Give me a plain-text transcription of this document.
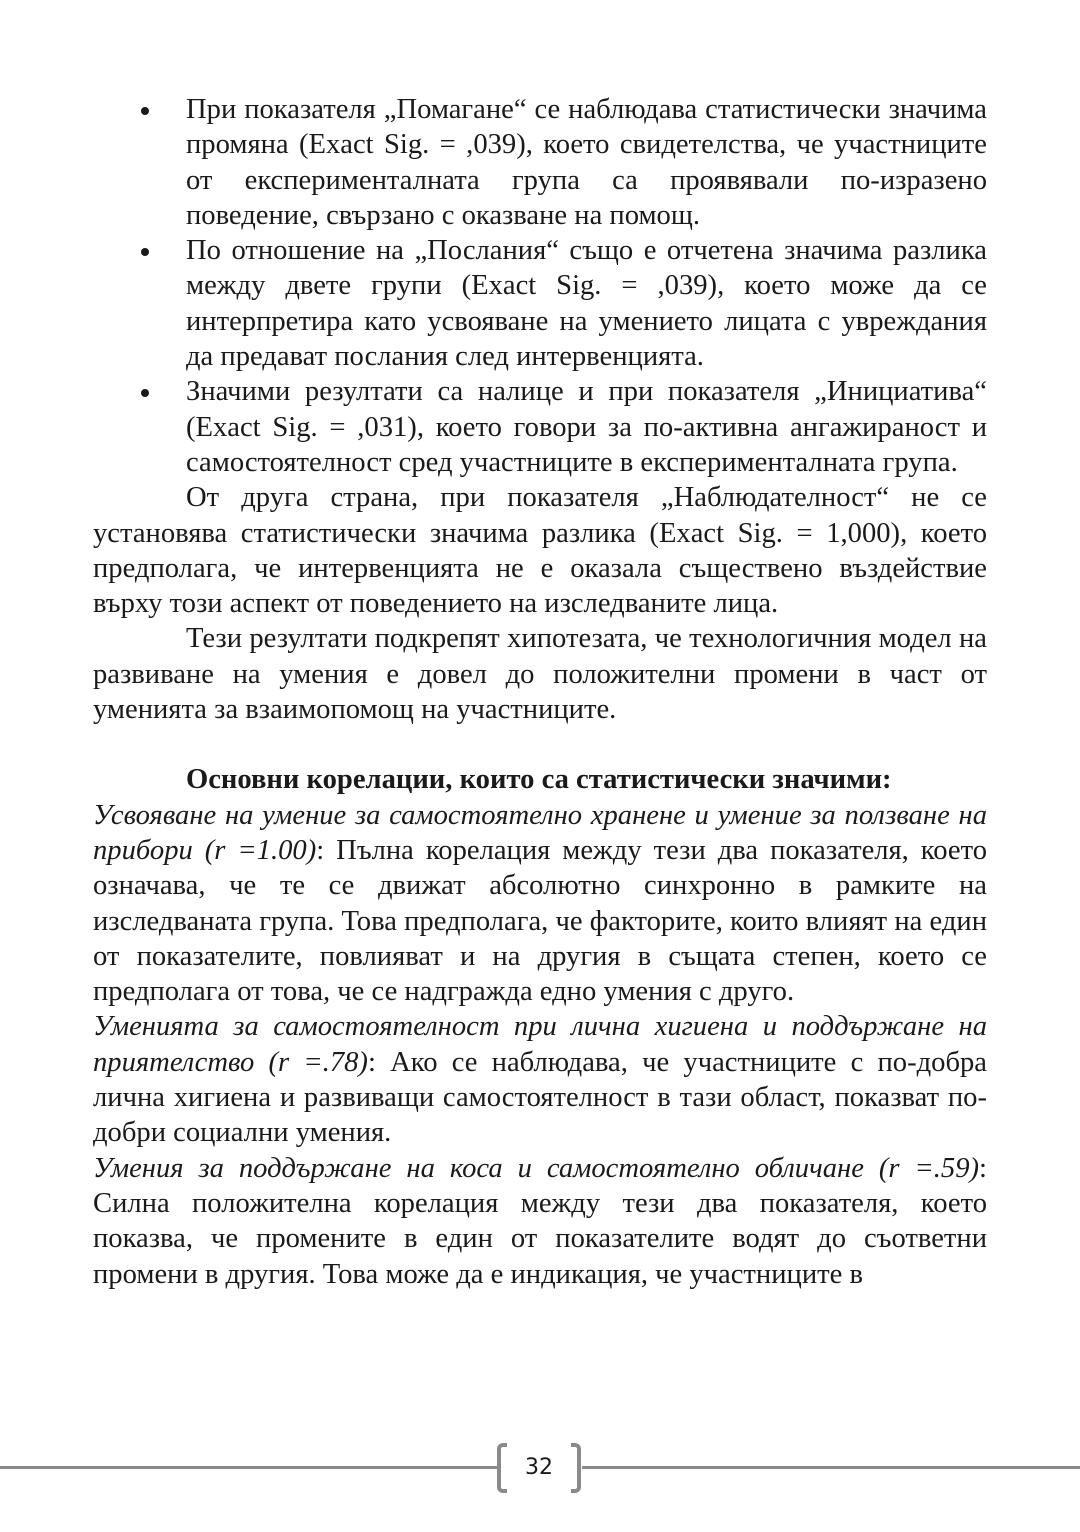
При показателя „Помагане“ се наблюдава статистически значима промяна (Exact Sig. = ,039), което свидетелства, че участниците от експерименталната група са проявявали по-изразено поведение, свързано с оказване на помощ.
По отношение на „Послания“ също е отчетена значима разлика между двете групи (Exact Sig. = ,039), което може да се интерпретира като усвояване на умението лицата с увреждания да предават послания след интервенцията.
Значими резултати са налице и при показателя „Инициатива“ (Exact Sig. = ,031), което говори за по-активна ангажираност и самостоятелност сред участниците в експерименталната група.

От друга страна, при показателя „Наблюдателност“ не се установява статистически значима разлика (Exact Sig. = 1,000), което предполага, че интервенцията не е оказала съществено въздействие върху този аспект от поведението на изследваните лица.

Тези резултати подкрепят хипотезата, че технологичния модел на развиване на умения е довел до положителни промени в част от уменията за взаимопомощ на участниците.

Основни корелации, които са статистически значими:

Усвояване на умение за самостоятелно хранене и умение за ползване на прибори (r =1.00): Пълна корелация между тези два показателя, което означава, че те се движат абсолютно синхронно в рамките на изследваната група. Това предполага, че факторите, които влияят на един от показателите, повлияват и на другия в същата степен, което се предполага от това, че се надгражда едно умения с друго.

Уменията за самостоятелност при лична хигиена и поддържане на приятелство (r =.78): Ако се наблюдава, че участниците с по-добра лична хигиена и развиващи самостоятелност в тази област, показват по-добри социални умения.

Умения за поддържане на коса и самостоятелно обличане (r =.59): Силна положителна корелация между тези два показателя, което показва, че промените в един от показателите водят до съответни промени в другия. Това може да е индикация, че участниците в

32
